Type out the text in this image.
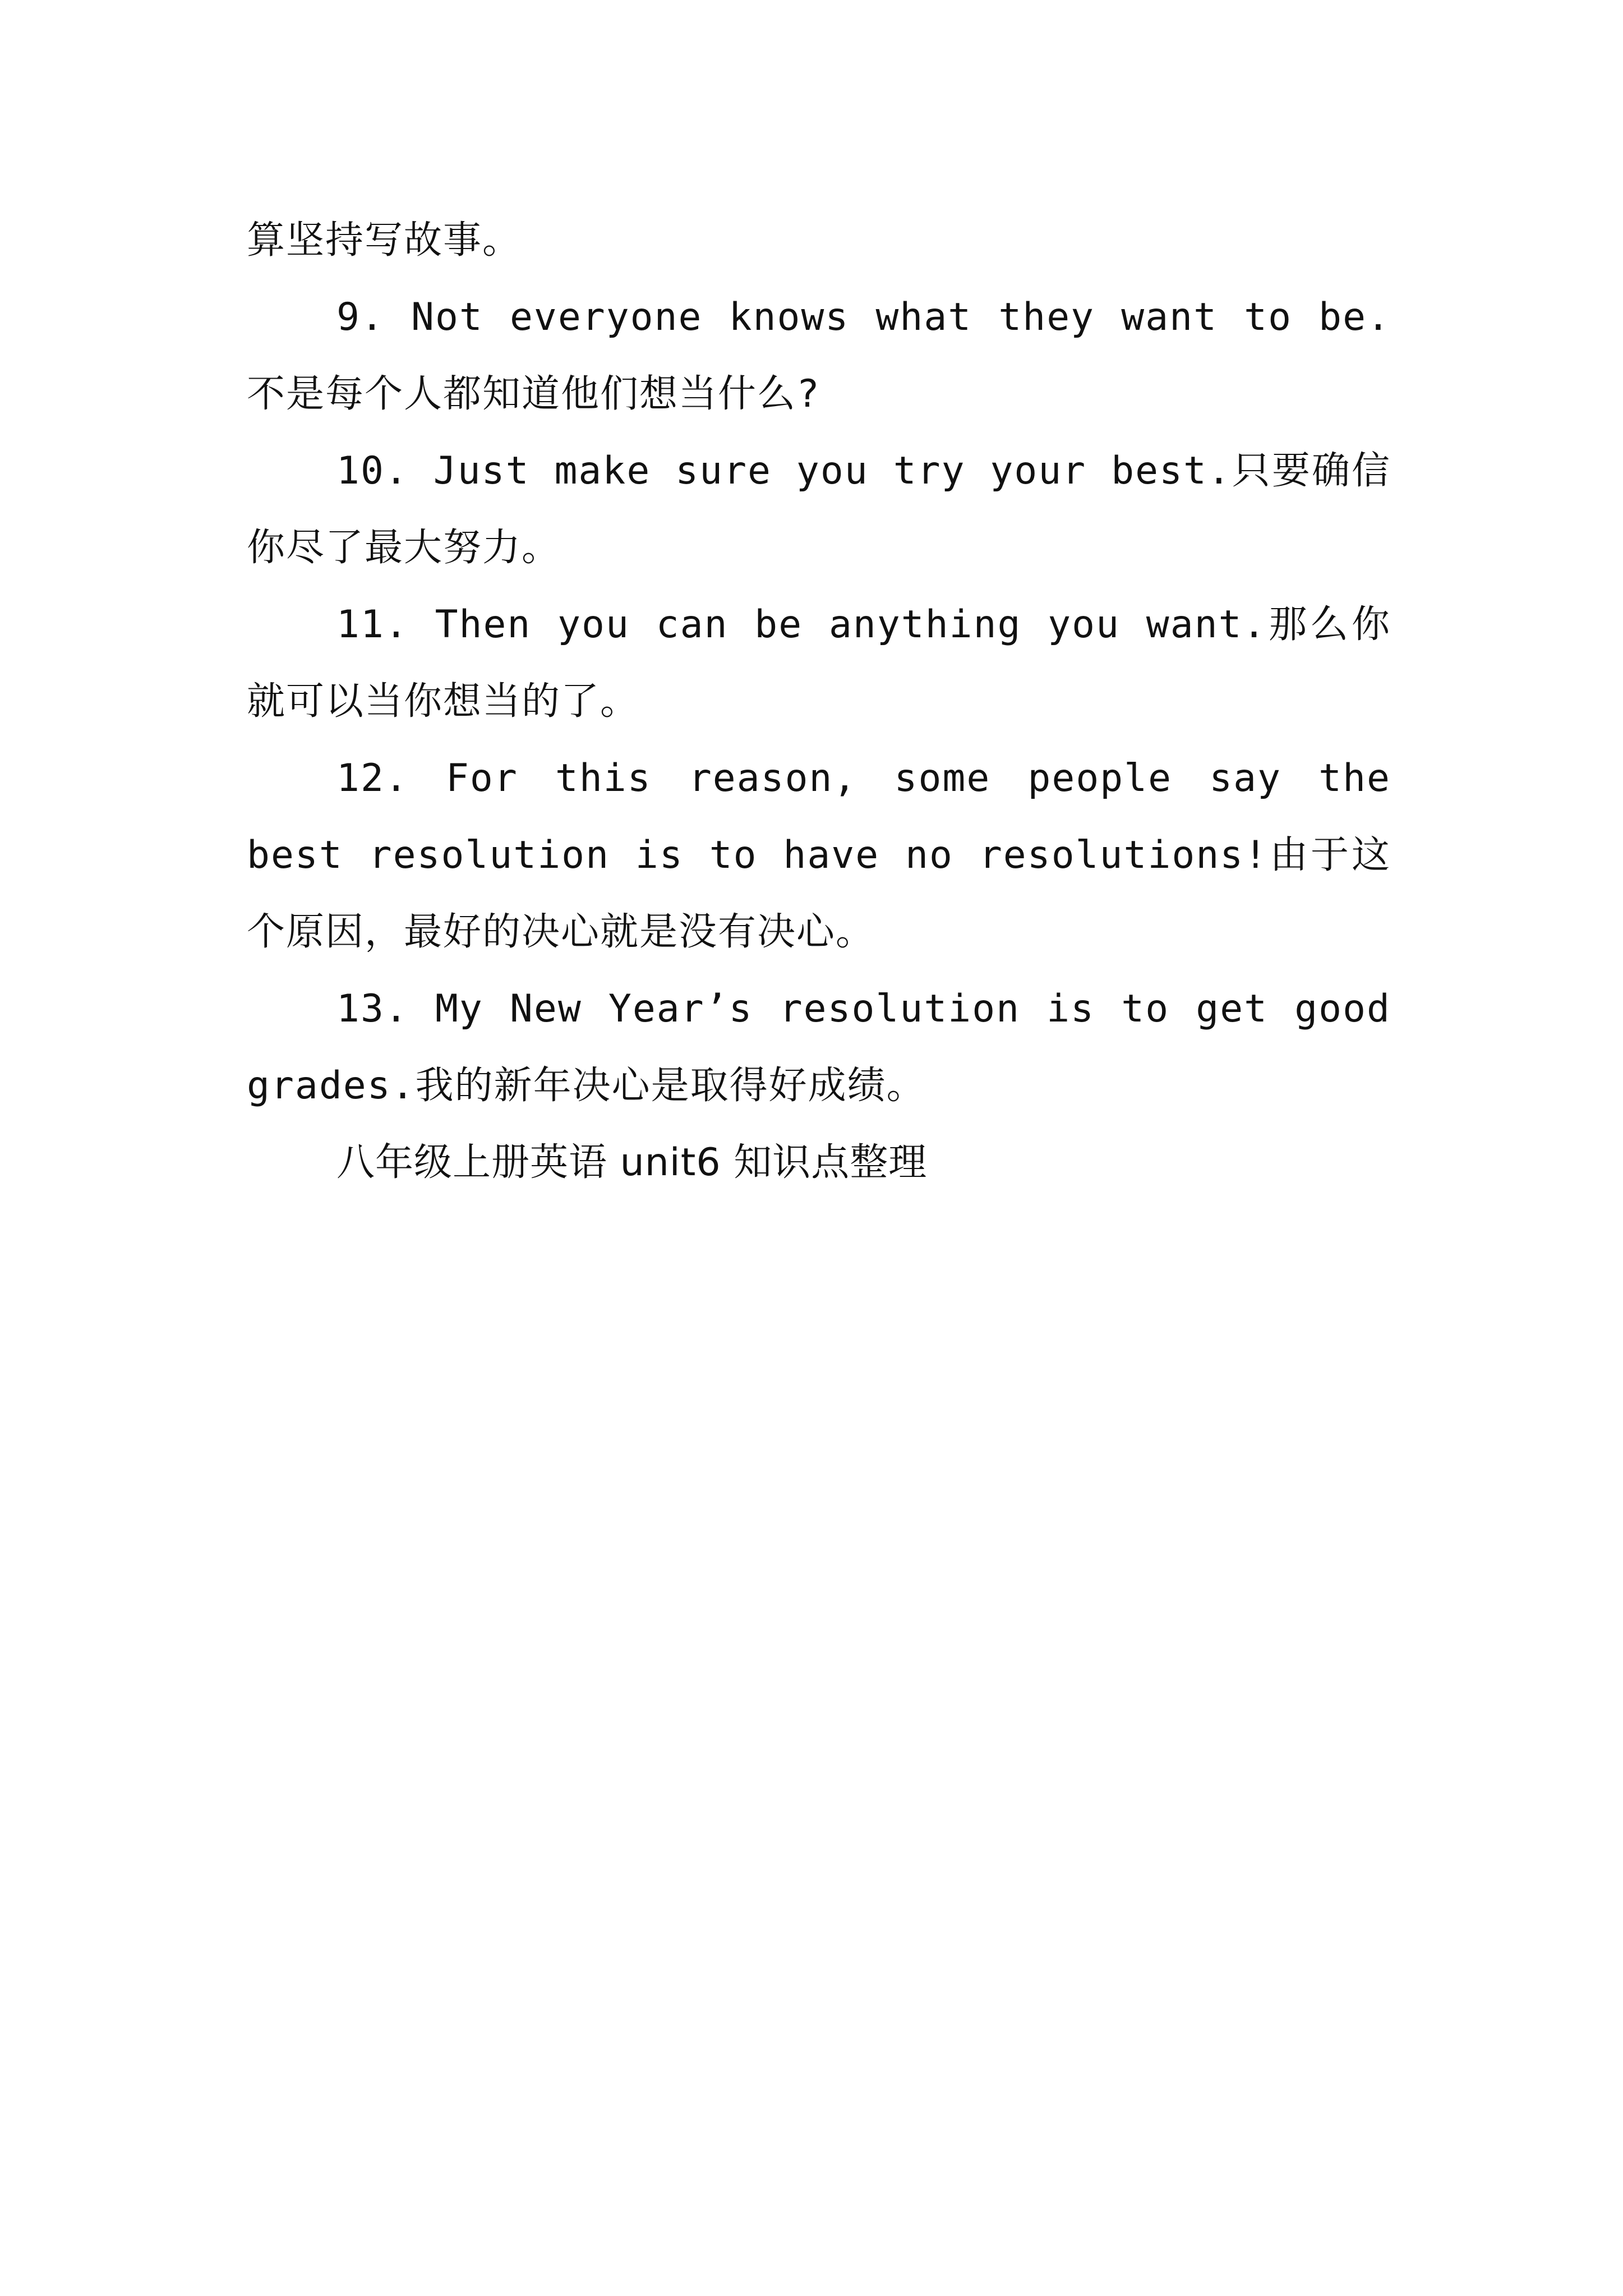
算坚持写故事。

9. Not everyone knows what they want to be.不是每个人都知道他们想当什么?

10. Just make sure you try your best.只要确信你尽了最大努力。

11. Then you can be anything you want.那么你就可以当你想当的了。

12. For this reason, some people say the best resolution is to have no resolutions!由于这个原因，最好的决心就是没有决心。

13. My New Year’s resolution is to get good grades.我的新年决心是取得好成绩。

八年级上册英语 unit6 知识点整理
